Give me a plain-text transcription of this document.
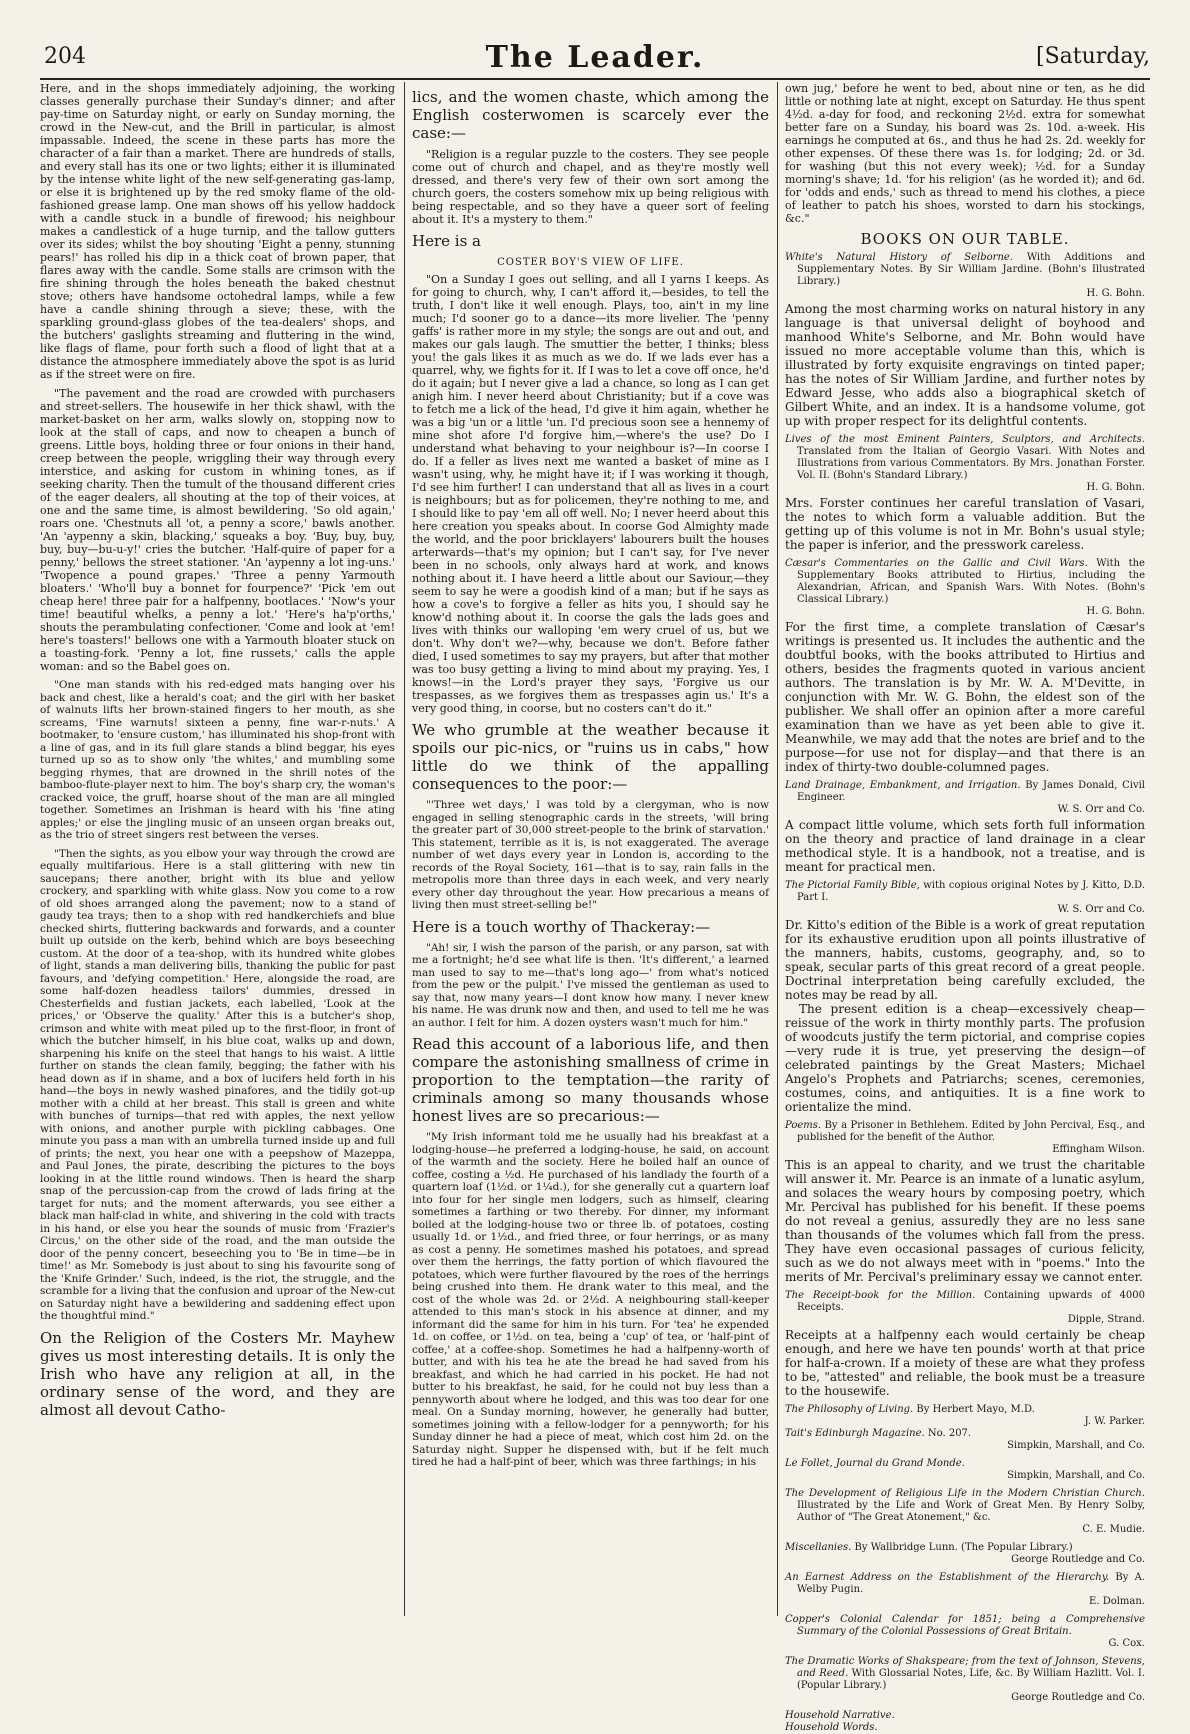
204	The Leader.	[Saturday,

Here, and in the shops immediately adjoining, the working classes generally purchase their Sunday's dinner; and after pay-time on Saturday night, or early on Sunday morning, the crowd in the New-cut, and the Brill in particular, is almost impassable. Indeed, the scene in these parts has more the character of a fair than a market. There are hundreds of stalls, and every stall has its one or two lights; either it is illuminated by the intense white light of the new self-generating gas-lamp, or else it is brightened up by the red smoky flame of the old-fashioned grease lamp. One man shows off his yellow haddock with a candle stuck in a bundle of firewood; his neighbour makes a candlestick of a huge turnip, and the tallow gutters over its sides; whilst the boy shouting 'Eight a penny, stunning pears!' has rolled his dip in a thick coat of brown paper, that flares away with the candle. Some stalls are crimson with the fire shining through the holes beneath the baked chestnut stove; others have handsome octohedral lamps, while a few have a candle shining through a sieve; these, with the sparkling ground-glass globes of the tea-dealers' shops, and the butchers' gaslights streaming and fluttering in the wind, like flags of flame, pour forth such a flood of light that at a distance the atmosphere immediately above the spot is as lurid as if the street were on fire.

"The pavement and the road are crowded with purchasers and street-sellers. The housewife in her thick shawl, with the market-basket on her arm, walks slowly on, stopping now to look at the stall of caps, and now to cheapen a bunch of greens. Little boys, holding three or four onions in their hand, creep between the people, wriggling their way through every interstice, and asking for custom in whining tones, as if seeking charity. Then the tumult of the thousand different cries of the eager dealers, all shouting at the top of their voices, at one and the same time, is almost bewildering. 'So old again,' roars one. 'Chestnuts all 'ot, a penny a score,' bawls another. 'An 'aypenny a skin, blacking,' squeaks a boy. 'Buy, buy, buy, buy, buy—bu-u-y!' cries the butcher. 'Half-quire of paper for a penny,' bellows the street stationer. 'An 'aypenny a lot ing-uns.' 'Twopence a pound grapes.' 'Three a penny Yarmouth bloaters.' 'Who'll buy a bonnet for fourpence?' 'Pick 'em out cheap here! three pair for a halfpenny, bootlaces.' 'Now's your time! beautiful whelks, a penny a lot.' 'Here's ha'p'orths,' shouts the perambulating confectioner. 'Come and look at 'em! here's toasters!' bellows one with a Yarmouth bloater stuck on a toasting-fork. 'Penny a lot, fine russets,' calls the apple woman: and so the Babel goes on.

"One man stands with his red-edged mats hanging over his back and chest, like a herald's coat; and the girl with her basket of walnuts lifts her brown-stained fingers to her mouth, as she screams, 'Fine warnuts! sixteen a penny, fine war-r-nuts.' A bootmaker, to 'ensure custom,' has illuminated his shop-front with a line of gas, and in its full glare stands a blind beggar, his eyes turned up so as to show only 'the whites,' and mumbling some begging rhymes, that are drowned in the shrill notes of the bamboo-flute-player next to him. The boy's sharp cry, the woman's cracked voice, the gruff, hoarse shout of the man are all mingled together. Sometimes an Irishman is heard with his 'fine ating apples;' or else the jingling music of an unseen organ breaks out, as the trio of street singers rest between the verses.

"Then the sights, as you elbow your way through the crowd are equally multifarious. Here is a stall glittering with new tin saucepans; there another, bright with its blue and yellow crockery, and sparkling with white glass. Now you come to a row of old shoes arranged along the pavement; now to a stand of gaudy tea trays; then to a shop with red handkerchiefs and blue checked shirts, fluttering backwards and forwards, and a counter built up outside on the kerb, behind which are boys beseeching custom. At the door of a tea-shop, with its hundred white globes of light, stands a man delivering bills, thanking the public for past favours, and 'defying competition.' Here, alongside the road, are some half-dozen headless tailors' dummies, dressed in Chesterfields and fustian jackets, each labelled, 'Look at the prices,' or 'Observe the quality.' After this is a butcher's shop, crimson and white with meat piled up to the first-floor, in front of which the butcher himself, in his blue coat, walks up and down, sharpening his knife on the steel that hangs to his waist. A little further on stands the clean family, begging; the father with his head down as if in shame, and a box of lucifers held forth in his hand—the boys in newly washed pinafores, and the tidily got-up mother with a child at her breast. This stall is green and white with bunches of turnips—that red with apples, the next yellow with onions, and another purple with pickling cabbages. One minute you pass a man with an umbrella turned inside up and full of prints; the next, you hear one with a peepshow of Mazeppa, and Paul Jones, the pirate, describing the pictures to the boys looking in at the little round windows. Then is heard the sharp snap of the percussion-cap from the crowd of lads firing at the target for nuts; and the moment afterwards, you see either a black man half-clad in white, and shivering in the cold with tracts in his hand, or else you hear the sounds of music from 'Frazier's Circus,' on the other side of the road, and the man outside the door of the penny concert, beseeching you to 'Be in time—be in time!' as Mr. Somebody is just about to sing his favourite song of the 'Knife Grinder.' Such, indeed, is the riot, the struggle, and the scramble for a living that the confusion and uproar of the New-cut on Saturday night have a bewildering and saddening effect upon the thoughtful mind."

On the Religion of the Costers Mr. Mayhew gives us most interesting details. It is only the Irish who have any religion at all, in the ordinary sense of the word, and they are almost all devout Catho-

lics, and the women chaste, which among the English costerwomen is scarcely ever the case:—

"Religion is a regular puzzle to the costers. They see people come out of church and chapel, and as they're mostly well dressed, and there's very few of their own sort among the church goers, the costers somehow mix up being religious with being respectable, and so they have a queer sort of feeling about it. It's a mystery to them."

Here is a

COSTER BOY'S VIEW OF LIFE.

"On a Sunday I goes out selling, and all I yarns I keeps. As for going to church, why, I can't afford it,—besides, to tell the truth, I don't like it well enough. Plays, too, ain't in my line much; I'd sooner go to a dance—its more livelier. The 'penny gaffs' is rather more in my style; the songs are out and out, and makes our gals laugh. The smuttier the better, I thinks; bless you! the gals likes it as much as we do. If we lads ever has a quarrel, why, we fights for it. If I was to let a cove off once, he'd do it again; but I never give a lad a chance, so long as I can get anigh him. I never heerd about Christianity; but if a cove was to fetch me a lick of the head, I'd give it him again, whether he was a big 'un or a little 'un. I'd precious soon see a hennemy of mine shot afore I'd forgive him,—where's the use? Do I understand what behaving to your neighbour is?—In coorse I do. If a feller as lives next me wanted a basket of mine as I wasn't using, why, he might have it; if I was working it though, I'd see him further! I can understand that all as lives in a court is neighbours; but as for policemen, they're nothing to me, and I should like to pay 'em all off well. No; I never heerd about this here creation you speaks about. In coorse God Almighty made the world, and the poor bricklayers' labourers built the houses arterwards—that's my opinion; but I can't say, for I've never been in no schools, only always hard at work, and knows nothing about it. I have heerd a little about our Saviour,—they seem to say he were a goodish kind of a man; but if he says as how a cove's to forgive a feller as hits you, I should say he know'd nothing about it. In coorse the gals the lads goes and lives with thinks our walloping 'em wery cruel of us, but we don't. Why don't we?—why, because we don't. Before father died, I used sometimes to say my prayers, but after that mother was too busy getting a living to mind about my praying. Yes, I knows!—in the Lord's prayer they says, 'Forgive us our trespasses, as we forgives them as trespasses agin us.' It's a very good thing, in coorse, but no costers can't do it."

We who grumble at the weather because it spoils our pic-nics, or "ruins us in cabs," how little do we think of the appalling consequences to the poor:—

"'Three wet days,' I was told by a clergyman, who is now engaged in selling stenographic cards in the streets, 'will bring the greater part of 30,000 street-people to the brink of starvation.' This statement, terrible as it is, is not exaggerated. The average number of wet days every year in London is, according to the records of the Royal Society, 161—that is to say, rain falls in the metropolis more than three days in each week, and very nearly every other day throughout the year. How precarious a means of living then must street-selling be!"

Here is a touch worthy of Thackeray:—

"Ah! sir, I wish the parson of the parish, or any parson, sat with me a fortnight; he'd see what life is then. 'It's different,' a learned man used to say to me—that's long ago—' from what's noticed from the pew or the pulpit.' I've missed the gentleman as used to say that, now many years—I dont know how many. I never knew his name. He was drunk now and then, and used to tell me he was an author. I felt for him. A dozen oysters wasn't much for him."

Read this account of a laborious life, and then compare the astonishing smallness of crime in proportion to the temptation—the rarity of criminals among so many thousands whose honest lives are so precarious:—

"My Irish informant told me he usually had his breakfast at a lodging-house—he preferred a lodging-house, he said, on account of the warmth and the society. Here he boiled half an ounce of coffee, costing a ½d. He purchased of his landlady the fourth of a quartern loaf (1½d. or 1¼d.), for she generally cut a quartern loaf into four for her single men lodgers, such as himself, clearing sometimes a farthing or two thereby. For dinner, my informant boiled at the lodging-house two or three lb. of potatoes, costing usually 1d. or 1½d., and fried three, or four herrings, or as many as cost a penny. He sometimes mashed his potatoes, and spread over them the herrings, the fatty portion of which flavoured the potatoes, which were further flavoured by the roes of the herrings being crushed into them. He drank water to this meal, and the cost of the whole was 2d. or 2½d. A neighbouring stall-keeper attended to this man's stock in his absence at dinner, and my informant did the same for him in his turn. For 'tea' he expended 1d. on coffee, or 1½d. on tea, being a 'cup' of tea, or 'half-pint of coffee,' at a coffee-shop. Sometimes he had a halfpenny-worth of butter, and with his tea he ate the bread he had saved from his breakfast, and which he had carried in his pocket. He had not butter to his breakfast, he said, for he could not buy less than a pennyworth about where he lodged, and this was too dear for one meal. On a Sunday morning, however, he generally had butter, sometimes joining with a fellow-lodger for a pennyworth; for his Sunday dinner he had a piece of meat, which cost him 2d. on the Saturday night. Supper he dispensed with, but if he felt much tired he had a half-pint of beer, which was three farthings; in his

own jug,' before he went to bed, about nine or ten, as he did little or nothing late at night, except on Saturday. He thus spent 4½d. a-day for food, and reckoning 2½d. extra for somewhat better fare on a Sunday, his board was 2s. 10d. a-week. His earnings he computed at 6s., and thus he had 2s. 2d. weekly for other expenses. Of these there was 1s. for lodging; 2d. or 3d. for washing (but this not every week); ½d. for a Sunday morning's shave; 1d. 'for his religion' (as he worded it); and 6d. for 'odds and ends,' such as thread to mend his clothes, a piece of leather to patch his shoes, worsted to darn his stockings, &c."

BOOKS ON OUR TABLE.
White's Natural History of Selborne. With Additions and Supplementary Notes. By Sir William Jardine. (Bohn's Illustrated Library.)
H. G. Bohn.

Among the most charming works on natural history in any language is that universal delight of boyhood and manhood White's Selborne, and Mr. Bohn would have issued no more acceptable volume than this, which is illustrated by forty exquisite engravings on tinted paper; has the notes of Sir William Jardine, and further notes by Edward Jesse, who adds also a biographical sketch of Gilbert White, and an index. It is a handsome volume, got up with proper respect for its delightful contents.

Lives of the most Eminent Painters, Sculptors, and Architects. Translated from the Italian of Georgio Vasari. With Notes and Illustrations from various Commentators. By Mrs. Jonathan Forster. Vol. II. (Bohn's Standard Library.)
H. G. Bohn.

Mrs. Forster continues her careful translation of Vasari, the notes to which form a valuable addition. But the getting up of this volume is not in Mr. Bohn's usual style; the paper is inferior, and the presswork careless.

Cæsar's Commentaries on the Gallic and Civil Wars. With the Supplementary Books attributed to Hirtius, including the Alexandrian, African, and Spanish Wars. With Notes. (Bohn's Classical Library.)
H. G. Bohn.

For the first time, a complete translation of Cæsar's writings is presented us. It includes the authentic and the doubtful books, with the books attributed to Hirtius and others, besides the fragments quoted in various ancient authors. The translation is by Mr. W. A. M'Devitte, in conjunction with Mr. W. G. Bohn, the eldest son of the publisher. We shall offer an opinion after a more careful examination than we have as yet been able to give it. Meanwhile, we may add that the notes are brief and to the purpose—for use not for display—and that there is an index of thirty-two double-columned pages.

Land Drainage, Embankment, and Irrigation. By James Donald, Civil Engineer.
W. S. Orr and Co.

A compact little volume, which sets forth full information on the theory and practice of land drainage in a clear methodical style. It is a handbook, not a treatise, and is meant for practical men.

The Pictorial Family Bible, with copious original Notes by J. Kitto, D.D. Part I.
W. S. Orr and Co.

Dr. Kitto's edition of the Bible is a work of great reputation for its exhaustive erudition upon all points illustrative of the manners, habits, customs, geography, and, so to speak, secular parts of this great record of a great people. Doctrinal interpretation being carefully excluded, the notes may be read by all.

The present edition is a cheap—excessively cheap—reissue of the work in thirty monthly parts. The profusion of woodcuts justify the term pictorial, and comprise copies—very rude it is true, yet preserving the design—of celebrated paintings by the Great Masters; Michael Angelo's Prophets and Patriarchs; scenes, ceremonies, costumes, coins, and antiquities. It is a fine work to orientalize the mind.

Poems. By a Prisoner in Bethlehem. Edited by John Percival, Esq., and published for the benefit of the Author.
Effingham Wilson.

This is an appeal to charity, and we trust the charitable will answer it. Mr. Pearce is an inmate of a lunatic asylum, and solaces the weary hours by composing poetry, which Mr. Percival has published for his benefit. If these poems do not reveal a genius, assuredly they are no less sane than thousands of the volumes which fall from the press. They have even occasional passages of curious felicity, such as we do not always meet with in "poems." Into the merits of Mr. Percival's preliminary essay we cannot enter.

The Receipt-book for the Million. Containing upwards of 4000 Receipts.
Dipple, Strand.

Receipts at a halfpenny each would certainly be cheap enough, and here we have ten pounds' worth at that price for half-a-crown. If a moiety of these are what they profess to be, "attested" and reliable, the book must be a treasure to the housewife.

The Philosophy of Living. By Herbert Mayo, M.D.
J. W. Parker.
Tait's Edinburgh Magazine. No. 207.
Simpkin, Marshall, and Co.
Le Follet, Journal du Grand Monde.
Simpkin, Marshall, and Co.
The Development of Religious Life in the Modern Christian Church. Illustrated by the Life and Work of Great Men. By Henry Solby, Author of "The Great Atonement," &c.
C. E. Mudie.
Miscellanies. By Wallbridge Lunn. (The Popular Library.)
George Routledge and Co.
An Earnest Address on the Establishment of the Hierarchy. By A. Welby Pugin.
E. Dolman.
Copper's Colonial Calendar for 1851; being a Comprehensive Summary of the Colonial Possessions of Great Britain.
G. Cox.
The Dramatic Works of Shakspeare; from the text of Johnson, Stevens, and Reed. With Glossarial Notes, Life, &c. By William Hazlitt. Vol. I. (Popular Library.)
George Routledge and Co.
Household Narrative.
Household Words.
